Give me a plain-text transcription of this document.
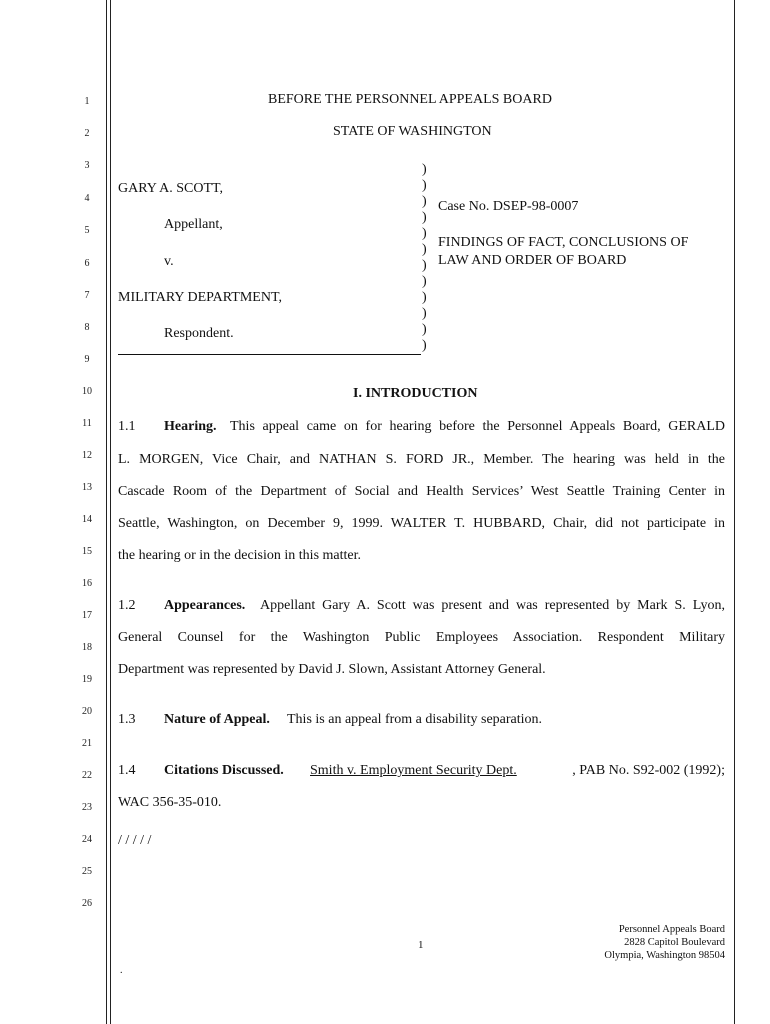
1
2
3
4
5
6
7
8
9
10
11
12
13
14
15
16
17
18
19
20
21
22
23
24
25
26
BEFORE THE PERSONNEL APPEALS BOARD
STATE OF WASHINGTON
GARY A. SCOTT,
Appellant,
v.
MILITARY DEPARTMENT,
Respondent.
)
)
)
)
)
)
)
)
)
)
)
)
Case No. DSEP-98-0007
FINDINGS OF FACT, CONCLUSIONS OF
LAW AND ORDER OF BOARD
I. INTRODUCTION
1.1 Hearing. This appeal came on for hearing before the Personnel Appeals Board, GERALD
L. MORGEN, Vice Chair, and NATHAN S. FORD JR., Member. The hearing was held in the
Cascade Room of the Department of Social and Health Services’ West Seattle Training Center in
Seattle, Washington, on December 9, 1999. WALTER T. HUBBARD, Chair, did not participate in
the hearing or in the decision in this matter.
1.2 Appearances. Appellant Gary A. Scott was present and was represented by Mark S. Lyon,
General Counsel for the Washington Public Employees Association. Respondent Military
Department was represented by David J. Slown, Assistant Attorney General.
1.3 Nature of Appeal. This is an appeal from a disability separation.
1.4 Citations Discussed. Smith v. Employment Security Dept.	, PAB No. S92-002 (1992);
WAC 356-35-010.
/ / / / /
1
Personnel Appeals Board
2828 Capitol Boulevard
Olympia, Washington 98504
.
